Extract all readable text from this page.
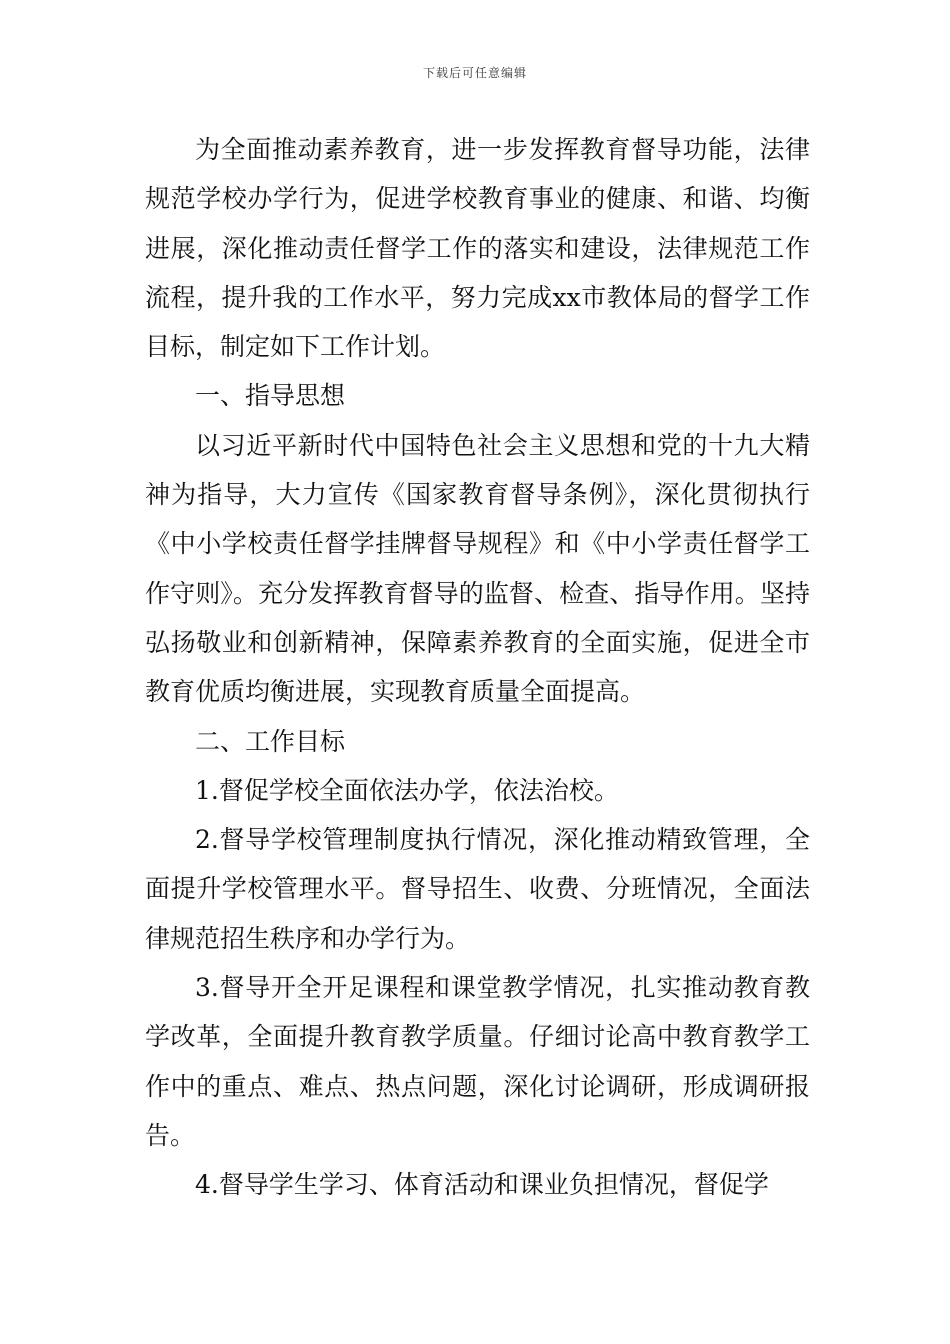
下载后可任意编辑

为全面推动素养教育，进一步发挥教育督导功能，法律规范学校办学行为，促进学校教育事业的健康、和谐、均衡进展，深化推动责任督学工作的落实和建设，法律规范工作流程，提升我的工作水平，努力完成xx市教体局的督学工作目标，制定如下工作计划。

一、指导思想

以习近平新时代中国特色社会主义思想和党的十九大精神为指导，大力宣传《国家教育督导条例》，深化贯彻执行《中小学校责任督学挂牌督导规程》和《中小学责任督学工作守则》。充分发挥教育督导的监督、检查、指导作用。坚持弘扬敬业和创新精神，保障素养教育的全面实施，促进全市教育优质均衡进展，实现教育质量全面提高。

二、工作目标

1.督促学校全面依法办学，依法治校。

2.督导学校管理制度执行情况，深化推动精致管理，全面提升学校管理水平。督导招生、收费、分班情况，全面法律规范招生秩序和办学行为。

3.督导开全开足课程和课堂教学情况，扎实推动教育教学改革，全面提升教育教学质量。仔细讨论高中教育教学工作中的重点、难点、热点问题，深化讨论调研，形成调研报告。

4.督导学生学习、体育活动和课业负担情况，督促学
